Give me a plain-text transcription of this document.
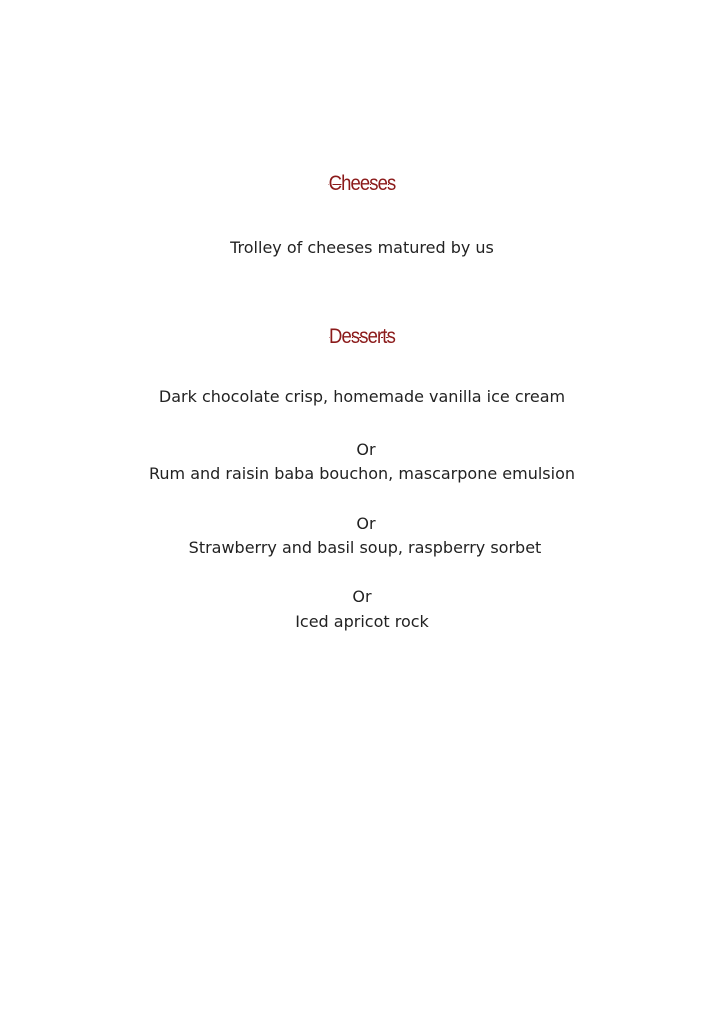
Cheeses
Trolley of cheeses matured by us
Desserts
Dark chocolate crisp, homemade vanilla ice cream
Or
Rum and raisin baba bouchon, mascarpone emulsion
Or
Strawberry and basil soup, raspberry sorbet
Or
Iced apricot rock
